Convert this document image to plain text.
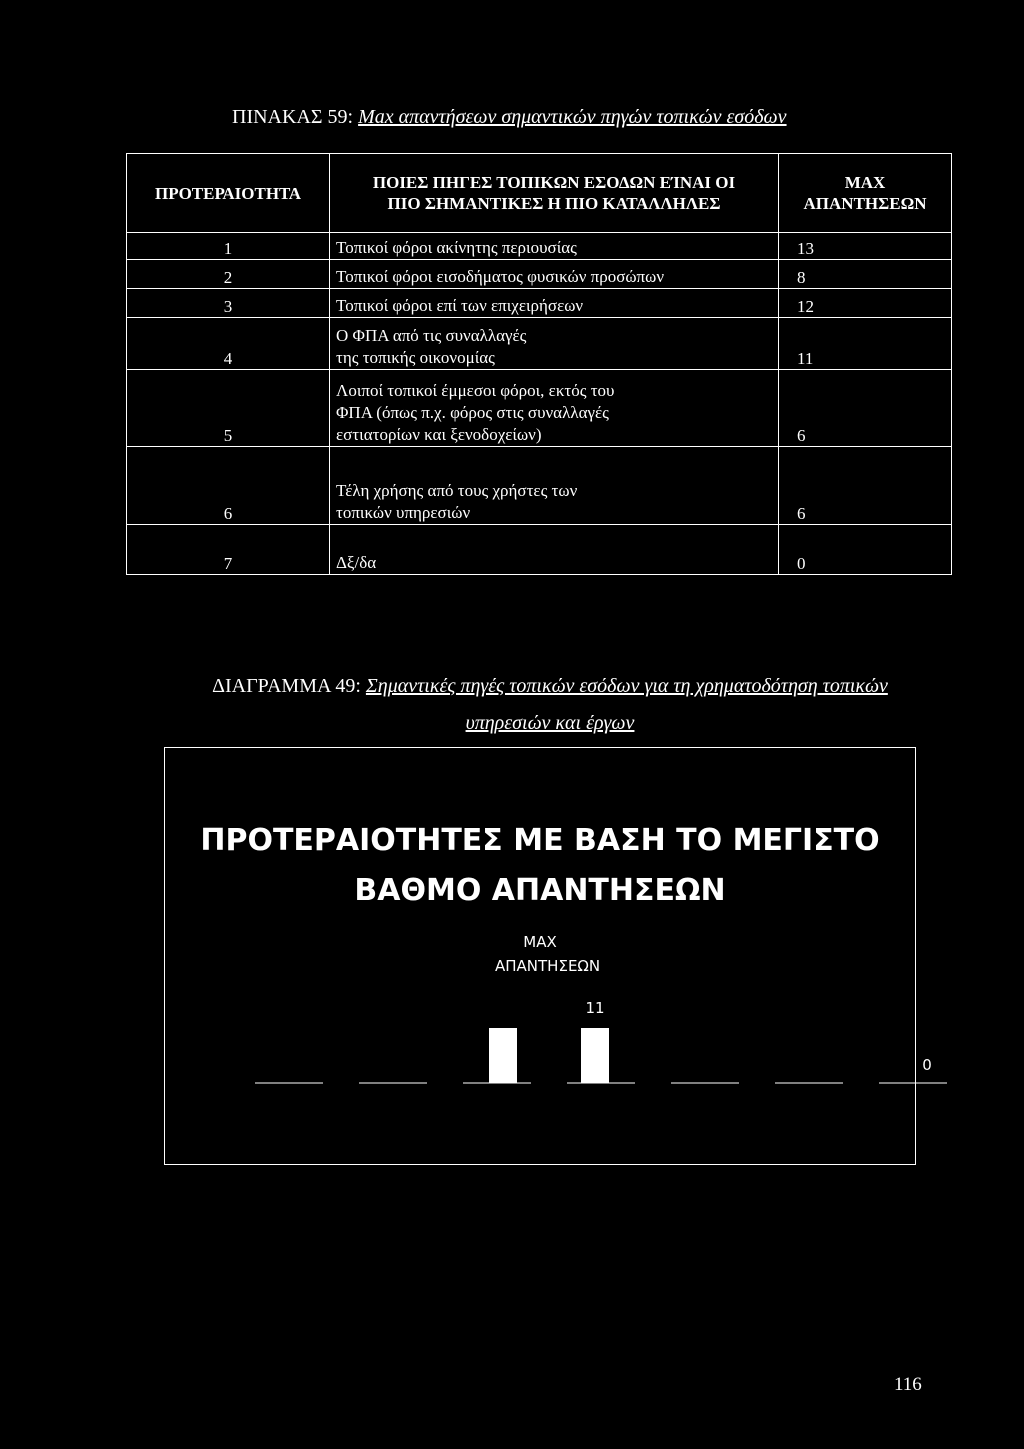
ΠΙΝΑΚΑΣ 59: Max απαντήσεων σημαντικών πηγών τοπικών εσόδων
ΠΡΟΤΕΡΑΙΟΤΗΤΑ	ΠΟΙΕΣ ΠΗΓΕΣ ΤΟΠΙΚΩΝ ΕΣΟΔΩΝ ΕΊΝΑΙ ΟΙ ΠΙΟ ΣΗΜΑΝΤΙΚΕΣ Η ΠΙΟ ΚΑΤΑΛΛΗΛΕΣ	MAX ΑΠΑΝΤΗΣΕΩΝ
1	Τοπικοί φόροι ακίνητης περιουσίας	13
2	Τοπικοί φόροι εισοδήματος φυσικών προσώπων	8
3	Τοπικοί φόροι επί των επιχειρήσεων	12
4	Ο ΦΠΑ από τις συναλλαγές της τοπικής οικονομίας	11
5	Λοιποί τοπικοί έμμεσοι φόροι, εκτός του ΦΠΑ (όπως π.χ. φόρος στις συναλλαγές εστιατορίων και ξενοδοχείων)	6
6	Τέλη χρήσης από τους χρήστες των τοπικών υπηρεσιών	6
7	Δξ/δα	0
ΔΙΑΓΡΑΜΜΑ 49: Σημαντικές πηγές τοπικών εσόδων για τη χρηματοδότηση τοπικών υπηρεσιών και έργων
ΠΡΟΤΕΡΑΙΟΤΗΤΕΣ ΜΕ ΒΑΣΗ ΤΟ ΜΕΓΙΣΤΟ ΒΑΘΜΟ ΑΠΑΝΤΗΣΕΩΝ
MAX ΑΠΑΝΤΗΣΕΩΝ
11
0
116
